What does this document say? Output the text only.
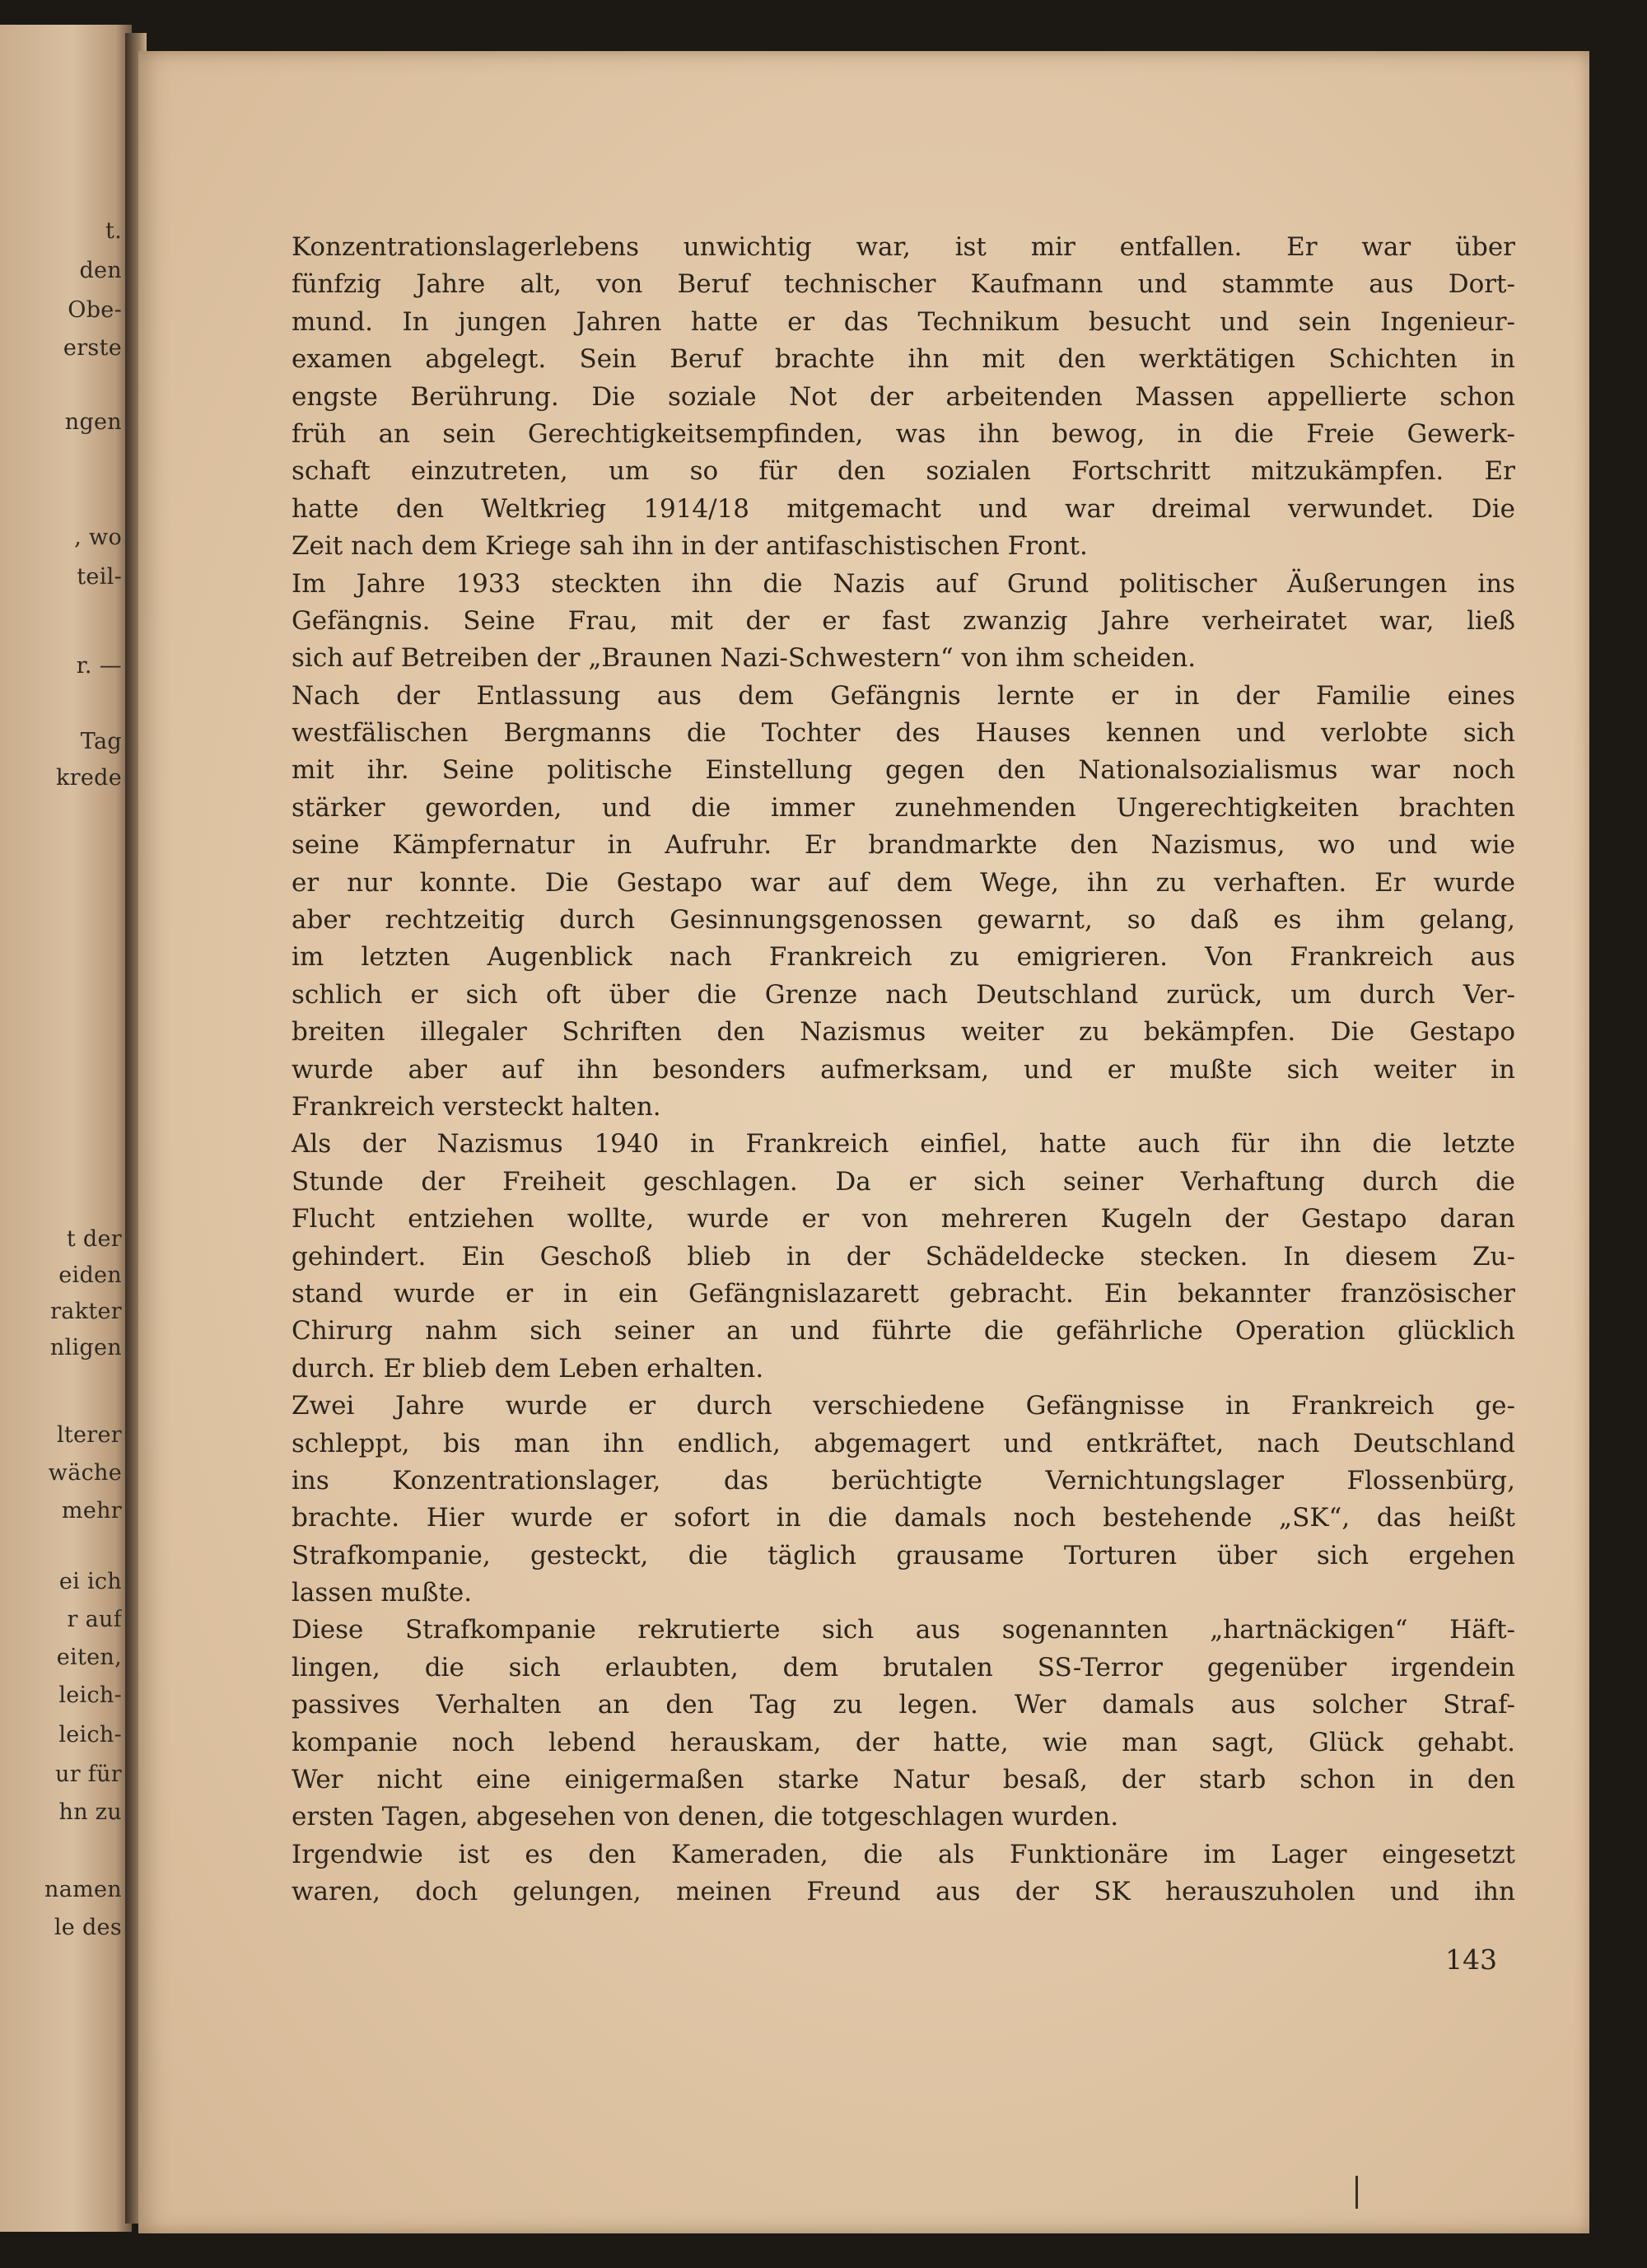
t.
den
Obe-
erste
ngen
, wo
teil-
r. —
Tag
krede
t der
eiden
rakter
nligen
lterer
wäche
mehr
ei ich
r auf
eiten,
leich-
leich-
ur für
hn zu
namen
le des
Konzentrationslagerlebens unwichtig war, ist mir entfallen. Er war über
fünfzig Jahre alt, von Beruf technischer Kaufmann und stammte aus Dort-
mund. In jungen Jahren hatte er das Technikum besucht und sein Ingenieur-
examen abgelegt. Sein Beruf brachte ihn mit den werktätigen Schichten in
engste Berührung. Die soziale Not der arbeitenden Massen appellierte schon
früh an sein Gerechtigkeitsempfinden, was ihn bewog, in die Freie Gewerk-
schaft einzutreten, um so für den sozialen Fortschritt mitzukämpfen. Er
hatte den Weltkrieg 1914/18 mitgemacht und war dreimal verwundet. Die
Zeit nach dem Kriege sah ihn in der antifaschistischen Front.
Im Jahre 1933 steckten ihn die Nazis auf Grund politischer Äußerungen ins
Gefängnis. Seine Frau, mit der er fast zwanzig Jahre verheiratet war, ließ
sich auf Betreiben der „Braunen Nazi-Schwestern“ von ihm scheiden.
Nach der Entlassung aus dem Gefängnis lernte er in der Familie eines
westfälischen Bergmanns die Tochter des Hauses kennen und verlobte sich
mit ihr. Seine politische Einstellung gegen den Nationalsozialismus war noch
stärker geworden, und die immer zunehmenden Ungerechtigkeiten brachten
seine Kämpfernatur in Aufruhr. Er brandmarkte den Nazismus, wo und wie
er nur konnte. Die Gestapo war auf dem Wege, ihn zu verhaften. Er wurde
aber rechtzeitig durch Gesinnungsgenossen gewarnt, so daß es ihm gelang,
im letzten Augenblick nach Frankreich zu emigrieren. Von Frankreich aus
schlich er sich oft über die Grenze nach Deutschland zurück, um durch Ver-
breiten illegaler Schriften den Nazismus weiter zu bekämpfen. Die Gestapo
wurde aber auf ihn besonders aufmerksam, und er mußte sich weiter in
Frankreich versteckt halten.
Als der Nazismus 1940 in Frankreich einfiel, hatte auch für ihn die letzte
Stunde der Freiheit geschlagen. Da er sich seiner Verhaftung durch die
Flucht entziehen wollte, wurde er von mehreren Kugeln der Gestapo daran
gehindert. Ein Geschoß blieb in der Schädeldecke stecken. In diesem Zu-
stand wurde er in ein Gefängnislazarett gebracht. Ein bekannter französischer
Chirurg nahm sich seiner an und führte die gefährliche Operation glücklich
durch. Er blieb dem Leben erhalten.
Zwei Jahre wurde er durch verschiedene Gefängnisse in Frankreich ge-
schleppt, bis man ihn endlich, abgemagert und entkräftet, nach Deutschland
ins Konzentrationslager, das berüchtigte Vernichtungslager Flossenbürg,
brachte. Hier wurde er sofort in die damals noch bestehende „SK“, das heißt
Strafkompanie, gesteckt, die täglich grausame Torturen über sich ergehen
lassen mußte.
Diese Strafkompanie rekrutierte sich aus sogenannten „hartnäckigen“ Häft-
lingen, die sich erlaubten, dem brutalen SS-Terror gegenüber irgendein
passives Verhalten an den Tag zu legen. Wer damals aus solcher Straf-
kompanie noch lebend herauskam, der hatte, wie man sagt, Glück gehabt.
Wer nicht eine einigermaßen starke Natur besaß, der starb schon in den
ersten Tagen, abgesehen von denen, die totgeschlagen wurden.
Irgendwie ist es den Kameraden, die als Funktionäre im Lager eingesetzt
waren, doch gelungen, meinen Freund aus der SK herauszuholen und ihn
143
